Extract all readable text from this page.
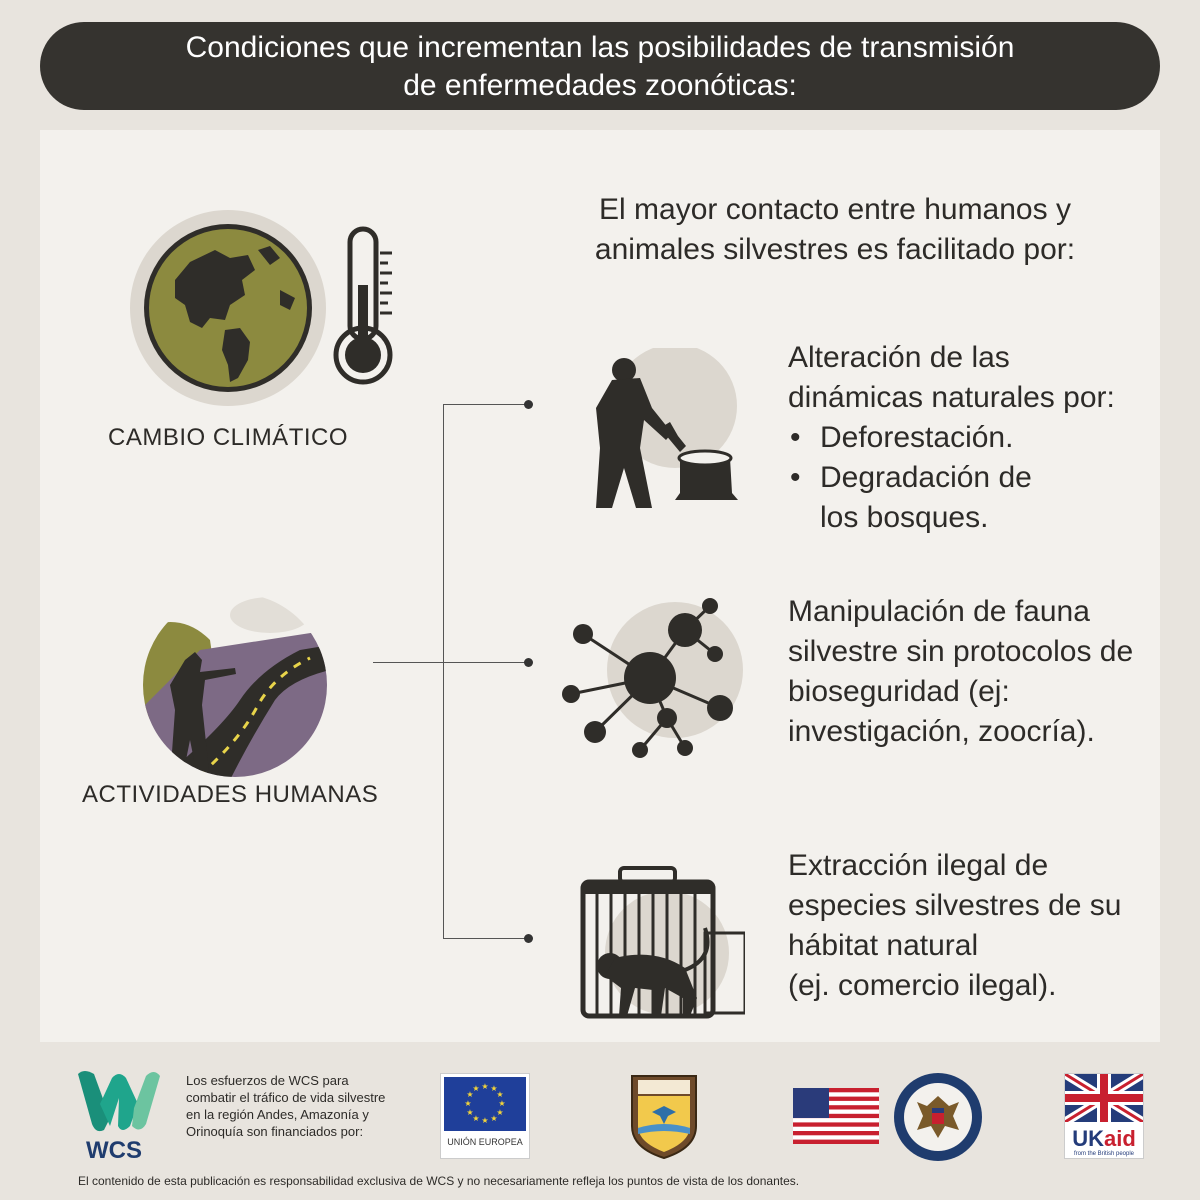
Condiciones que incrementan las posibilidades de transmisión
de enfermedades zoonóticas:
CAMBIO CLIMÁTICO
ACTIVIDADES HUMANAS
El mayor contacto entre humanos y
animales silvestres es facilitado por:
Alteración de las
dinámicas naturales por:
• Deforestación.
• Degradación de
los bosques.
Manipulación de fauna
silvestre sin protocolos de
bioseguridad (ej:
investigación, zoocría).
Extracción ilegal de
especies silvestres de su
hábitat natural
(ej. comercio ilegal).
WCS
Los esfuerzos de WCS para combatir el tráfico de vida silvestre en la región Andes, Amazonía y Orinoquía son financiados por:
★ ★
★
★
★
★
★
★
★
★
★
★
UNIÓN EUROPEA	UKaid
from the British people
El contenido de esta publicación es responsabilidad exclusiva de WCS y no necesariamente refleja los puntos de vista de los donantes.
